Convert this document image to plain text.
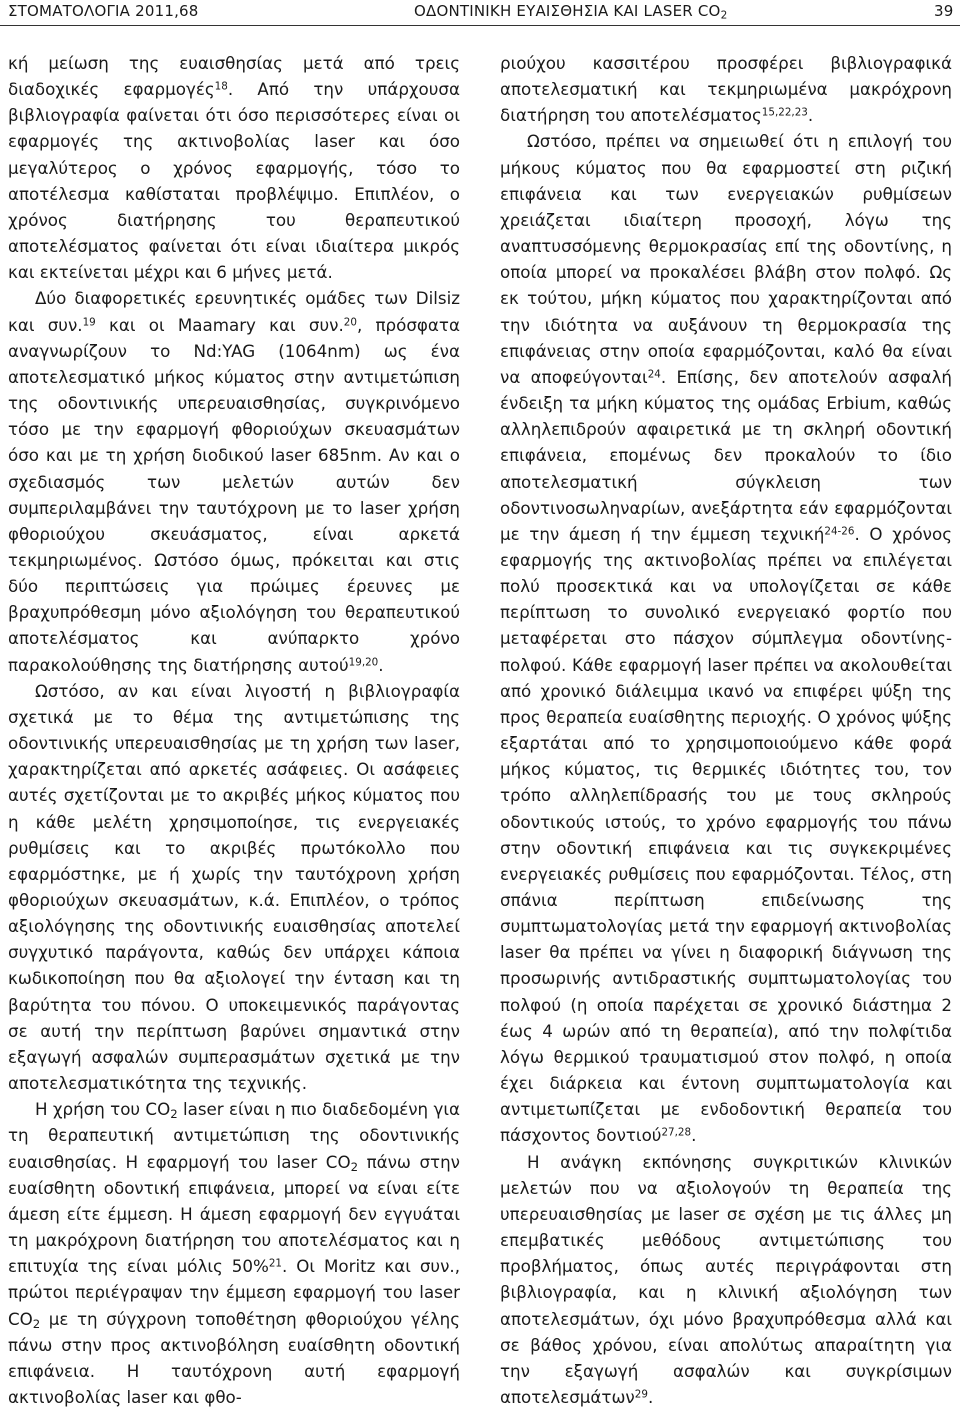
ΣΤΟΜΑΤΟΛΟΓΙΑ 2011,68	ΟΔΟΝΤΙΝΙΚΗ ΕΥΑΙΣΘΗΣΙΑ ΚΑΙ LASER $CO_2$	39

κή μείωση της ευαισθησίας μετά από τρεις διαδοχικές εφαρμογές$^{18}$. Από την υπάρχουσα βιβλιογραφία φαίνεται ότι όσο περισσότερες είναι οι εφαρμογές της ακτινοβολίας laser και όσο μεγαλύτερος ο χρόνος εφαρμογής, τόσο το αποτέλεσμα καθίσταται προβλέψιμο. Επιπλέον, ο χρόνος διατήρησης του θεραπευτικού αποτελέσματος φαίνεται ότι είναι ιδιαίτερα μικρός και εκτείνεται μέχρι και 6 μήνες μετά.

Δύο διαφορετικές ερευνητικές ομάδες των Dilsiz και συν.$^{19}$ και οι Maamary και συν.$^{20}$, πρόσφατα αναγνωρίζουν το Nd:YAG (1064nm) ως ένα αποτελεσματικό μήκος κύματος στην αντιμετώπιση της οδοντινικής υπερευαισθησίας, συγκρινόμενο τόσο με την εφαρμογή φθοριούχων σκευασμάτων όσο και με τη χρήση διοδικού laser 685nm. Αν και ο σχεδιασμός των μελετών αυτών δεν συμπεριλαμβάνει την ταυτόχρονη με το laser χρήση φθοριούχου σκευάσματος, είναι αρκετά τεκμηριωμένος. Ωστόσο όμως, πρόκειται και στις δύο περιπτώσεις για πρώιμες έρευνες με βραχυπρόθεσμη μόνο αξιολόγηση του θεραπευτικού αποτελέσματος και ανύπαρκτο χρόνο παρακολούθησης της διατήρησης αυτού$^{19,20}$.

Ωστόσο, αν και είναι λιγοστή η βιβλιογραφία σχετικά με το θέμα της αντιμετώπισης της οδοντινικής υπερευαισθησίας με τη χρήση των laser, χαρακτηρίζεται από αρκετές ασάφειες. Οι ασάφειες αυτές σχετίζονται με το ακριβές μήκος κύματος που η κάθε μελέτη χρησιμοποίησε, τις ενεργειακές ρυθμίσεις και το ακριβές πρωτόκολλο που εφαρμόστηκε, με ή χωρίς την ταυτόχρονη χρήση φθοριούχων σκευασμάτων, κ.ά. Επιπλέον, ο τρόπος αξιολόγησης της οδοντινικής ευαισθησίας αποτελεί συγχυτικό παράγοντα, καθώς δεν υπάρχει κάποια κωδικοποίηση που θα αξιολογεί την ένταση και τη βαρύτητα του πόνου. Ο υποκειμενικός παράγοντας σε αυτή την περίπτωση βαρύνει σημαντικά στην εξαγωγή ασφαλών συμπερασμάτων σχετικά με την αποτελεσματικότητα της τεχνικής.

Η χρήση του $CO_2$ laser είναι η πιο διαδεδομένη για τη θεραπευτική αντιμετώπιση της οδοντινικής ευαισθησίας. Η εφαρμογή του laser $CO_2$ πάνω στην ευαίσθητη οδοντική επιφάνεια, μπορεί να είναι είτε άμεση είτε έμμεση. Η άμεση εφαρμογή δεν εγγυάται τη μακρόχρονη διατήρηση του αποτελέσματος και η επιτυχία της είναι μόλις 50%$^{21}$. Οι Moritz και συν., πρώτοι περιέγραψαν την έμμεση εφαρμογή του laser $CO_2$ με τη σύγχρονη τοποθέτηση φθοριούχου γέλης πάνω στην προς ακτινοβόληση ευαίσθητη οδοντική επιφάνεια. Η ταυτόχρονη αυτή εφαρμογή ακτινοβολίας laser και φθο-

ριούχου κασσιτέρου προσφέρει βιβλιογραφικά αποτελεσματική και τεκμηριωμένα μακρόχρονη διατήρηση του αποτελέσματος$^{15,22,23}$.

Ωστόσο, πρέπει να σημειωθεί ότι η επιλογή του μήκους κύματος που θα εφαρμοστεί στη ριζική επιφάνεια και των ενεργειακών ρυθμίσεων χρειάζεται ιδιαίτερη προσοχή, λόγω της αναπτυσσόμενης θερμοκρασίας επί της οδοντίνης, η οποία μπορεί να προκαλέσει βλάβη στον πολφό. Ως εκ τούτου, μήκη κύματος που χαρακτηρίζονται από την ιδιότητα να αυξάνουν τη θερμοκρασία της επιφάνειας στην οποία εφαρμόζονται, καλό θα είναι να αποφεύγονται$^{24}$. Επίσης, δεν αποτελούν ασφαλή ένδειξη τα μήκη κύματος της ομάδας Erbium, καθώς αλληλεπιδρούν αφαιρετικά με τη σκληρή οδοντική επιφάνεια, επομένως δεν προκαλούν το ίδιο αποτελεσματική σύγκλειση των οδοντινοσωληναρίων, ανεξάρτητα εάν εφαρμόζονται με την άμεση ή την έμμεση τεχνική$^{24-26}$. Ο χρόνος εφαρμογής της ακτινοβολίας πρέπει να επιλέγεται πολύ προσεκτικά και να υπολογίζεται σε κάθε περίπτωση το συνολικό ενεργειακό φορτίο που μεταφέρεται στο πάσχον σύμπλεγμα οδοντίνης-πολφού. Κάθε εφαρμογή laser πρέπει να ακολουθείται από χρονικό διάλειμμα ικανό να επιφέρει ψύξη της προς θεραπεία ευαίσθητης περιοχής. Ο χρόνος ψύξης εξαρτάται από το χρησιμοποιούμενο κάθε φορά μήκος κύματος, τις θερμικές ιδιότητες του, τον τρόπο αλληλεπίδρασής του με τους σκληρούς οδοντικούς ιστούς, το χρόνο εφαρμογής του πάνω στην οδοντική επιφάνεια και τις συγκεκριμένες ενεργειακές ρυθμίσεις που εφαρμόζονται. Τέλος, στη σπάνια περίπτωση επιδείνωσης της συμπτωματολογίας μετά την εφαρμογή ακτινοβολίας laser θα πρέπει να γίνει η διαφορική διάγνωση της προσωρινής αντιδραστικής συμπτωματολογίας του πολφού (η οποία παρέχεται σε χρονικό διάστημα 2 έως 4 ωρών από τη θεραπεία), από την πολφίτιδα λόγω θερμικού τραυματισμού στον πολφό, η οποία έχει διάρκεια και έντονη συμπτωματολογία και αντιμετωπίζεται με ενδοδοντική θεραπεία του πάσχοντος δοντιού$^{27,28}$.

Η ανάγκη εκπόνησης συγκριτικών κλινικών μελετών που να αξιολογούν τη θεραπεία της υπερευαισθησίας με laser σε σχέση με τις άλλες μη επεμβατικές μεθόδους αντιμετώπισης του προβλήματος, όπως αυτές περιγράφονται στη βιβλιογραφία, και η κλινική αξιολόγηση των αποτελεσμάτων, όχι μόνο βραχυπρόθεσμα αλλά και σε βάθος χρόνου, είναι απολύτως απαραίτητη για την εξαγωγή ασφαλών και συγκρίσιμων αποτελεσμάτων$^{29}$.
